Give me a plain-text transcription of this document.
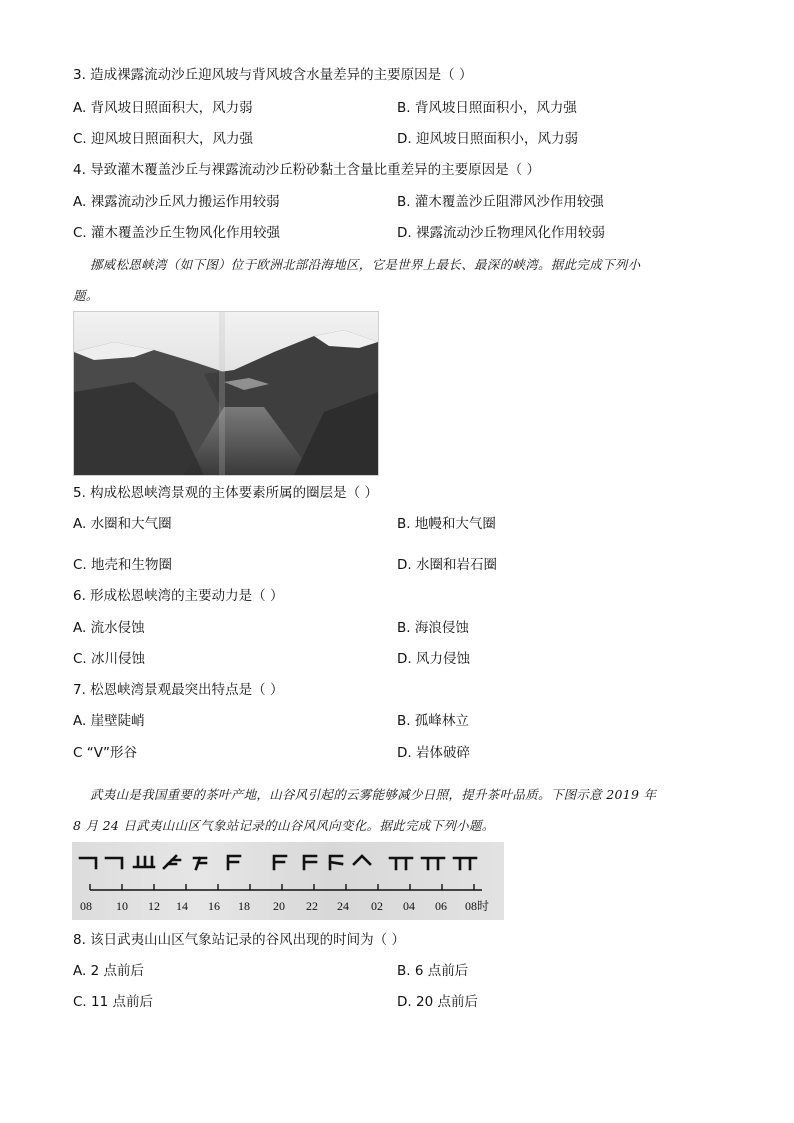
3. 造成裸露流动沙丘迎风坡与背风坡含水量差异的主要原因是（ ）
A. 背风坡日照面积大，风力弱	B. 背风坡日照面积小，风力强
C. 迎风坡日照面积大，风力强	D. 迎风坡日照面积小，风力弱
4. 导致灌木覆盖沙丘与裸露流动沙丘粉砂黏土含量比重差异的主要原因是（ ）
A. 裸露流动沙丘风力搬运作用较弱	B. 灌木覆盖沙丘阻滞风沙作用较强
C. 灌木覆盖沙丘生物风化作用较强	D. 裸露流动沙丘物理风化作用较弱
挪威松恩峡湾（如下图）位于欧洲北部沿海地区，它是世界上最长、最深的峡湾。据此完成下列小
题。
5. 构成松恩峡湾景观的主体要素所属的圈层是（ ）
A. 水圈和大气圈	B. 地幔和大气圈
C. 地壳和生物圈	D. 水圈和岩石圈
6. 形成松恩峡湾的主要动力是（ ）
A. 流水侵蚀	B. 海浪侵蚀
C. 冰川侵蚀	D. 风力侵蚀
7. 松恩峡湾景观最突出特点是（ ）
A. 崖壁陡峭	B. 孤峰林立
C “V”形谷	D. 岩体破碎
武夷山是我国重要的茶叶产地，山谷风引起的云雾能够减少日照，提升茶叶品质。下图示意 2019 年
8 月 24 日武夷山山区气象站记录的山谷风风向变化。据此完成下列小题。
08 10 12 14 16 18 20 22 24 02 04 06 08时
8. 该日武夷山山区气象站记录的谷风出现的时间为（ ）
A. 2 点前后	B. 6 点前后
C. 11 点前后	D. 20 点前后
